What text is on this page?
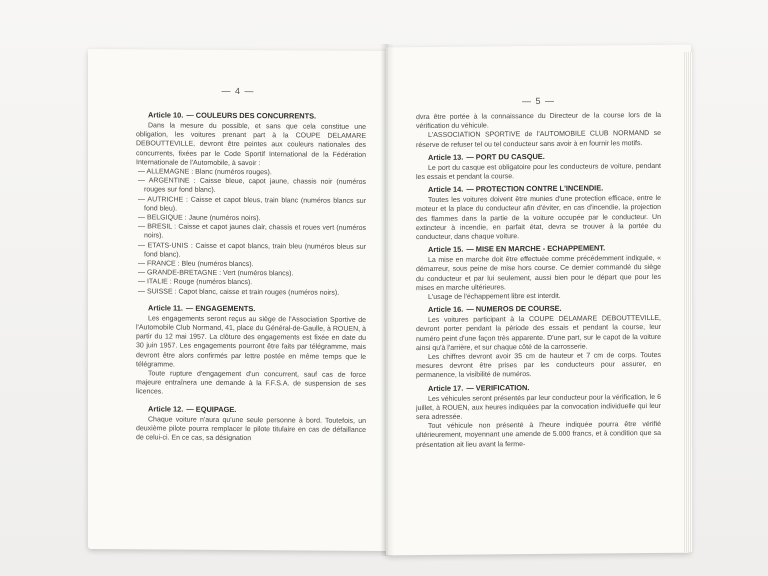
— 4 —
Article 10. — COULEURS DES CONCURRENTS.

Dans la mesure du possible, et sans que cela constitue une obligation, les voitures prenant part à la COUPE DELAMARE DEBOUTTEVILLE, devront être peintes aux couleurs nationales des concurrents, fixées par le Code Sportif International de la Fédération Internationale de l'Automobile, à savoir :

— ALLEMAGNE : Blanc (numéros rouges).

— ARGENTINE : Caisse bleue, capot jaune, chassis noir (numéros rouges sur fond blanc).

— AUTRICHE : Caisse et capot bleus, train blanc (numéros blancs sur fond bleu).

— BELGIQUE : Jaune (numéros noirs).

— BRESIL : Caisse et capot jaunes clair, chassis et roues vert (numéros noirs).

— ETATS-UNIS : Caisse et capot blancs, train bleu (numéros bleus sur fond blanc).

— FRANCE : Bleu (numéros blancs).

— GRANDE-BRETAGNE : Vert (numéros blancs).

— ITALIE : Rouge (numéros blancs).

— SUISSE : Capot blanc, caisse et train rouges (numéros noirs).

Article 11. — ENGAGEMENTS.

Les engagements seront reçus au siège de l'Association Sportive de l'Automobile Club Normand, 41, place du Général-de-Gaulle, à ROUEN, à partir du 12 mai 1957. La clôture des engagements est fixée en date du 30 juin 1957. Les engagements pourront être faits par télégramme, mais devront être alors confirmés par lettre postée en même temps que le télégramme.

Toute rupture d'engagement d'un concurrent, sauf cas de force majeure entraînera une demande à la F.F.S.A. de suspension de ses licences.

Article 12. — EQUIPAGE.

Chaque voiture n'aura qu'une seule personne à bord. Toutefois, un deuxième pilote pourra remplacer le pilote titulaire en cas de défaillance de celui-ci. En ce cas, sa désignation

— 5 —

dvra être portée à la connaissance du Directeur de la course lors de la vérification du véhicule.

L'ASSOCIATION SPORTIVE de l'AUTOMOBILE CLUB NORMAND se réserve de refuser tel ou tel conducteur sans avoir à en fournir les motifs.

Article 13. — PORT DU CASQUE.

Le port du casque est obligatoire pour les conducteurs de voiture, pendant les essais et pendant la course.

Article 14. — PROTECTION CONTRE L'INCENDIE.

Toutes les voitures doivent être munies d'une protection efficace, entre le moteur et la place du conducteur afin d'éviter, en cas d'incendie, la projection des flammes dans la partie de la voiture occupée par le conducteur. Un extincteur à incendie, en parfait état, devra se trouver à la portée du conducteur, dans chaque voiture.

Article 15. — MISE EN MARCHE - ECHAPPEMENT.

La mise en marche doit être effectuée comme précédemment indiquée, « démarreur, sous peine de mise hors course. Ce dernier commandé du siège du conducteur et par lui seulement, aussi bien pour le départ que pour les mises en marche ultérieures.

L'usage de l'échappement libre est interdit.

Article 16. — NUMEROS DE COURSE.

Les voitures participant à la COUPE DELAMARE DEBOUTTEVILLE, devront porter pendant la période des essais et pendant la course, leur numéro peint d'une façon très apparente. D'une part, sur le capot de la voiture ainsi qu'à l'arrière, et sur chaque côté de la carrosserie.

Les chiffres devront avoir 35 cm de hauteur et 7 cm de corps. Toutes mesures devront être prises par les conducteurs pour assurer, en permanence, la visibilité de numéros.

Article 17. — VERIFICATION.

Les véhicules seront présentés par leur conducteur pour la vérification, le 6 juillet, à ROUEN, aux heures indiquées par la convocation individuelle qui leur sera adressée.

Tout véhicule non présenté à l'heure indiquée pourra être vérifié ultérieurement, moyennant une amende de 5.000 francs, et à condition que sa présentation ait lieu avant la ferme-
